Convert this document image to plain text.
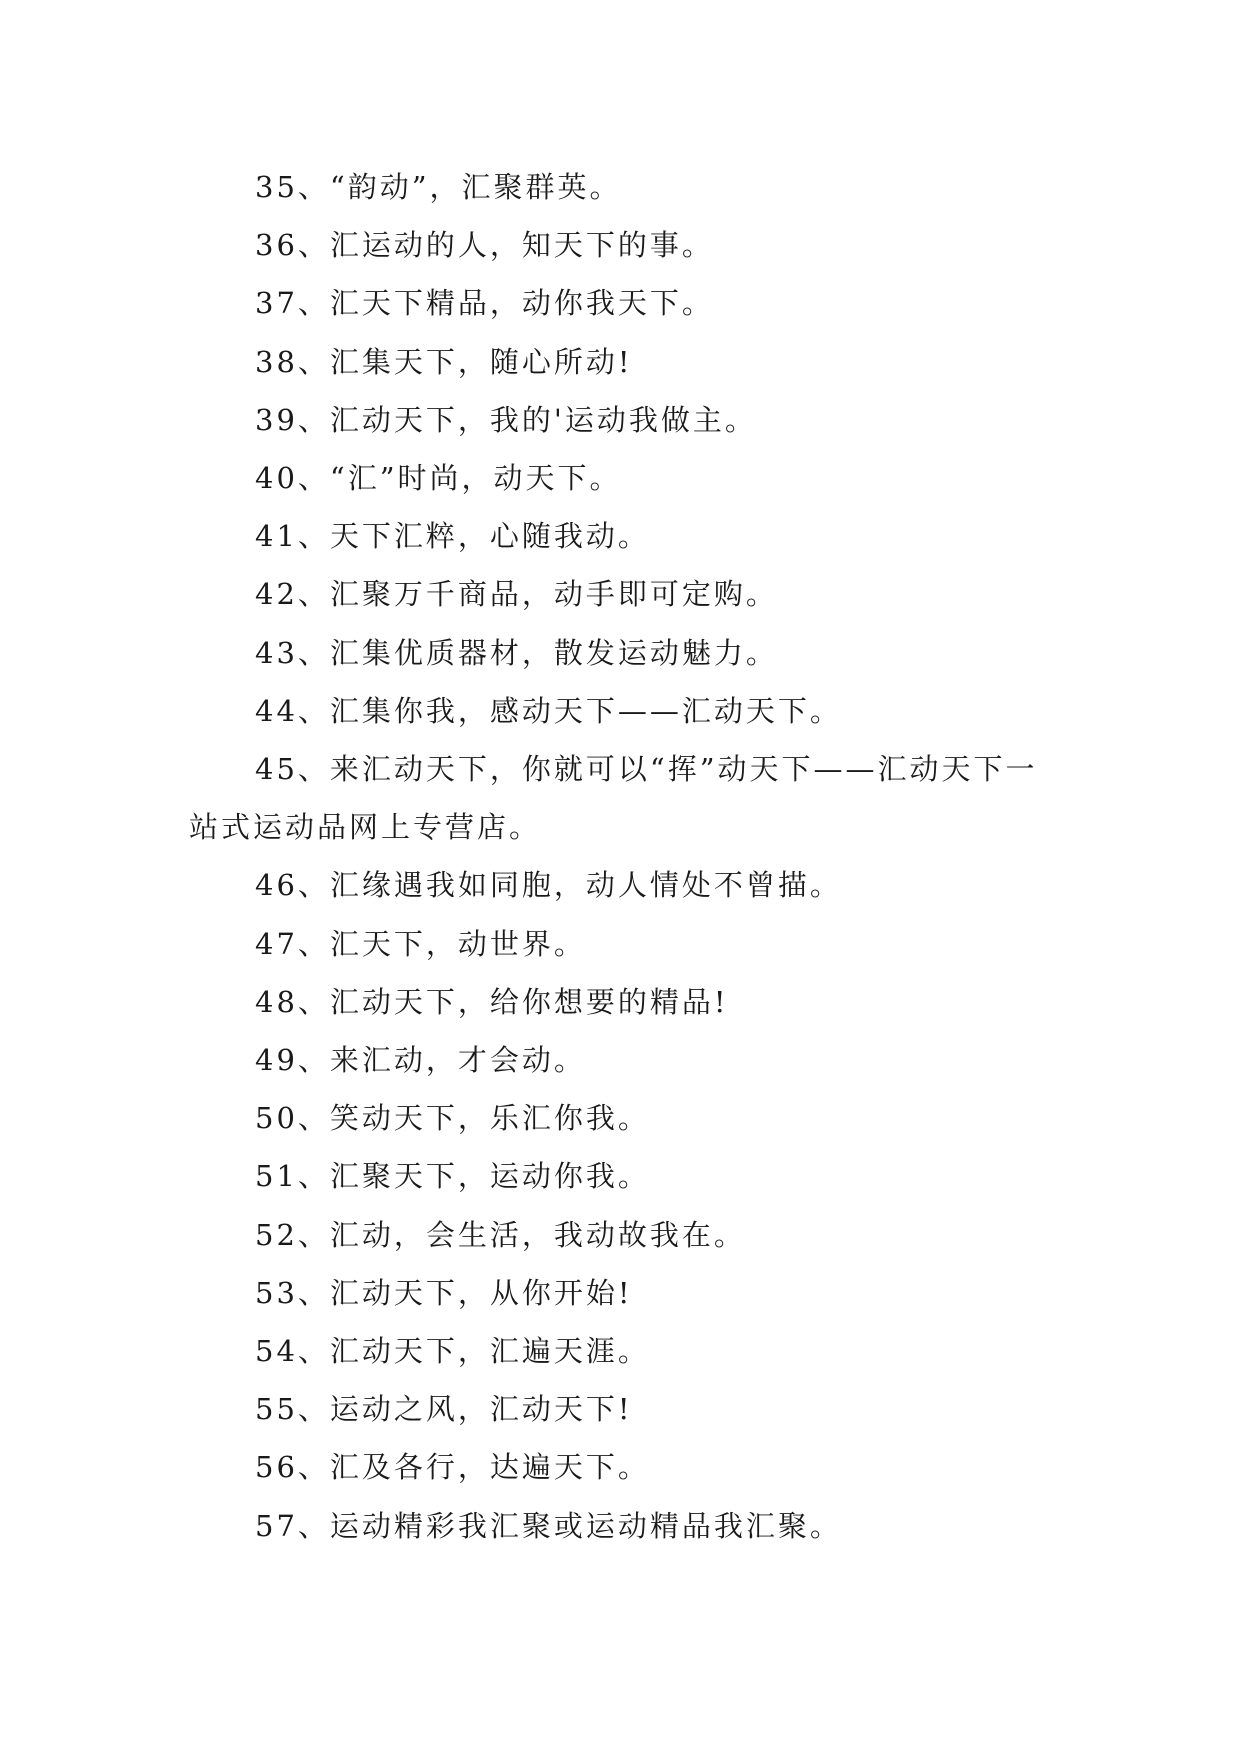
35、“韵动”，汇聚群英。

36、汇运动的人，知天下的事。

37、汇天下精品，动你我天下。

38、汇集天下，随心所动!

39、汇动天下，我的'运动我做主。

40、“汇”时尚，动天下。

41、天下汇粹，心随我动。

42、汇聚万千商品，动手即可定购。

43、汇集优质器材，散发运动魅力。

44、汇集你我，感动天下——汇动天下。

45、来汇动天下，你就可以“挥”动天下——汇动天下一站式运动品网上专营店。

46、汇缘遇我如同胞，动人情处不曾描。

47、汇天下，动世界。

48、汇动天下，给你想要的精品!

49、来汇动，才会动。

50、笑动天下，乐汇你我。

51、汇聚天下，运动你我。

52、汇动，会生活，我动故我在。

53、汇动天下，从你开始!

54、汇动天下，汇遍天涯。

55、运动之风，汇动天下!

56、汇及各行，达遍天下。

57、运动精彩我汇聚或运动精品我汇聚。
